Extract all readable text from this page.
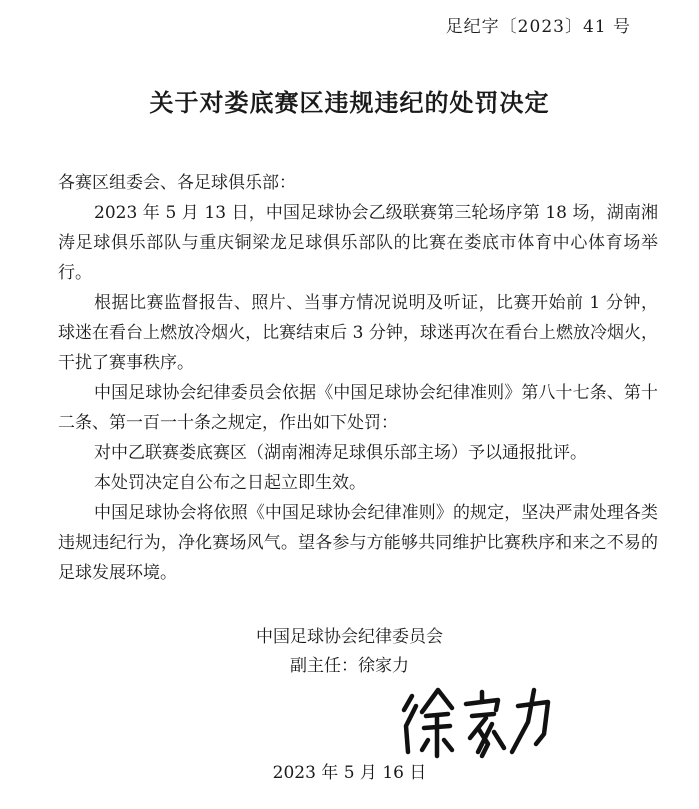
足纪字〔2023〕41 号
关于对娄底赛区违规违纪的处罚决定

各赛区组委会、各足球俱乐部：

2023 年 5 月 13 日，中国足球协会乙级联赛第三轮场序第 18 场，湖南湘涛足球俱乐部队与重庆铜梁龙足球俱乐部队的比赛在娄底市体育中心体育场举行。

根据比赛监督报告、照片、当事方情况说明及听证，比赛开始前 1 分钟，球迷在看台上燃放冷烟火，比赛结束后 3 分钟，球迷再次在看台上燃放冷烟火，干扰了赛事秩序。

中国足球协会纪律委员会依据《中国足球协会纪律准则》第八十七条、第十二条、第一百一十条之规定，作出如下处罚：

对中乙联赛娄底赛区（湖南湘涛足球俱乐部主场）予以通报批评。

本处罚决定自公布之日起立即生效。

中国足球协会将依照《中国足球协会纪律准则》的规定，坚决严肃处理各类违规违纪行为，净化赛场风气。望各参与方能够共同维护比赛秩序和来之不易的足球发展环境。

中国足球协会纪律委员会
副主任：徐家力
2023 年 5 月 16 日
